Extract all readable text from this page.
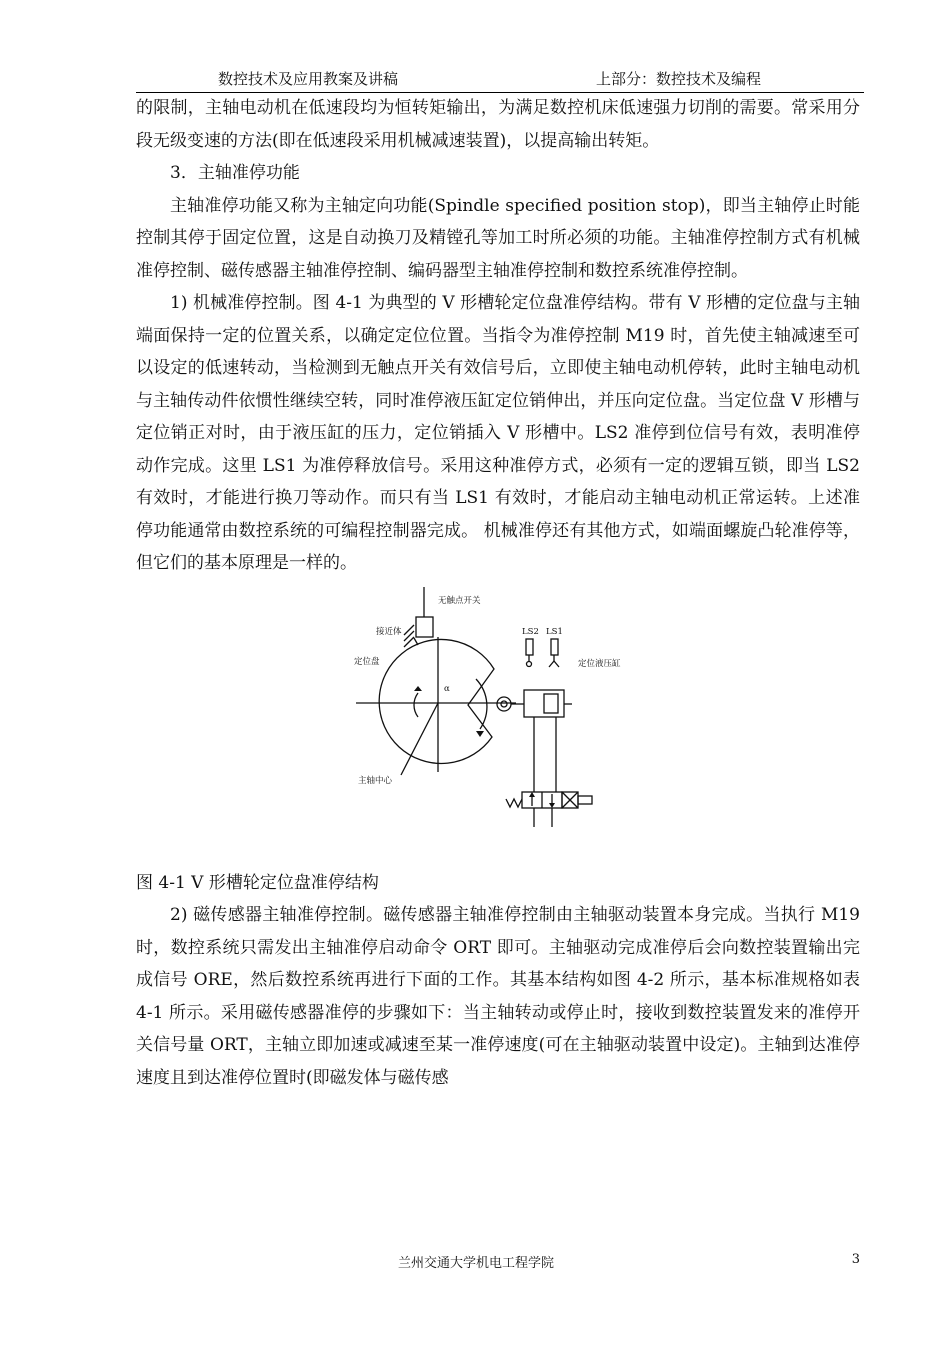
数控技术及应用教案及讲稿	上部分：数控技术及编程

的限制，主轴电动机在低速段均为恒转矩输出，为满足数控机床低速强力切削的需要。常采用分段无级变速的方法(即在低速段采用机械减速装置)，以提高输出转矩。

3．主轴准停功能

主轴准停功能又称为主轴定向功能(Spindle specified position stop)，即当主轴停止时能控制其停于固定位置，这是自动换刀及精镗孔等加工时所必须的功能。主轴准停控制方式有机械准停控制、磁传感器主轴准停控制、编码器型主轴准停控制和数控系统准停控制。

1) 机械准停控制。图 4-1 为典型的 V 形槽轮定位盘准停结构。带有 V 形槽的定位盘与主轴端面保持一定的位置关系，以确定定位位置。当指令为准停控制 M19 时，首先使主轴减速至可以设定的低速转动，当检测到无触点开关有效信号后，立即使主轴电动机停转，此时主轴电动机与主轴传动件依惯性继续空转，同时准停液压缸定位销伸出，并压向定位盘。当定位盘 V 形槽与定位销正对时，由于液压缸的压力，定位销插入 V 形槽中。LS2 准停到位信号有效，表明准停动作完成。这里 LS1 为准停释放信号。采用这种准停方式，必须有一定的逻辑互锁，即当 LS2 有效时，才能进行换刀等动作。而只有当 LS1 有效时，才能启动主轴电动机正常运转。上述准停功能通常由数控系统的可编程控制器完成。 机械准停还有其他方式，如端面螺旋凸轮准停等，但它们的基本原理是一样的。

无触点开关
接近体
定位盘
主轴中心
α
定位液压缸
LS2 LS1

图 4-1 V 形槽轮定位盘准停结构

2) 磁传感器主轴准停控制。磁传感器主轴准停控制由主轴驱动装置本身完成。当执行 M19 时，数控系统只需发出主轴准停启动命令 ORT 即可。主轴驱动完成准停后会向数控装置输出完成信号 ORE，然后数控系统再进行下面的工作。其基本结构如图 4-2 所示，基本标准规格如表 4-1 所示。采用磁传感器准停的步骤如下：当主轴转动或停止时，接收到数控装置发来的准停开关信号量 ORT，主轴立即加速或减速至某一准停速度(可在主轴驱动装置中设定)。主轴到达准停速度且到达准停位置时(即磁发体与磁传感

兰州交通大学机电工程学院	3
